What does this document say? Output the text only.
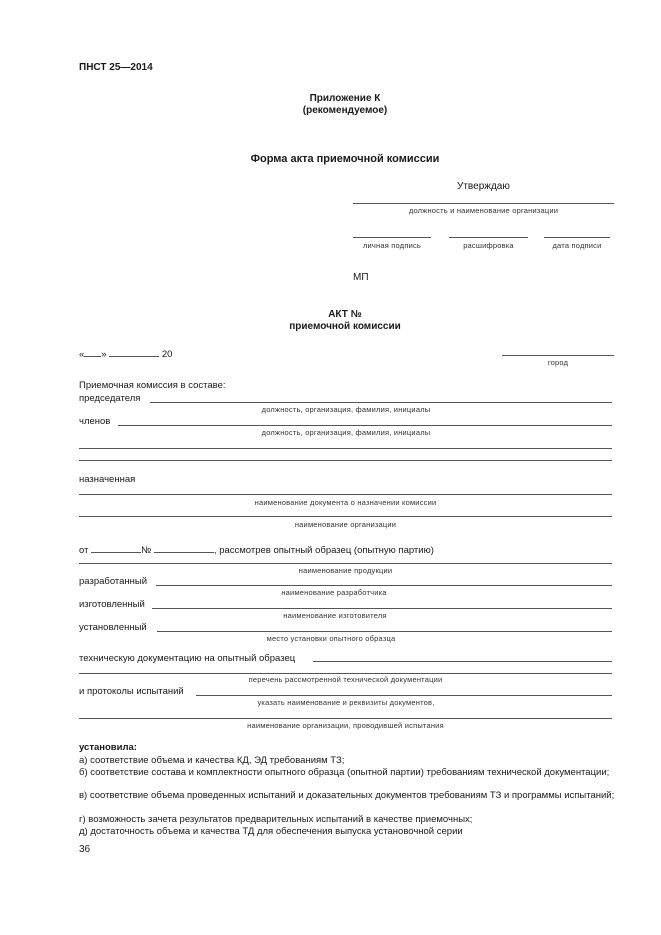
ПНСТ 25—2014
Приложение К
(рекомендуемое)
Форма акта приемочной комиссии
Утверждаю
должность и наименование организации
личная подпись	расшифровка	дата подписи
МП
АКТ №
приемочной комиссии
« »	20
город
Приемочная комиссия в составе:
председателя
должность, организация, фамилия, инициалы
членов
должность, организация, фамилия, инициалы
назначенная
наименование документа о назначении комиссии
наименование организации
от	№	, рассмотрев опытный образец (опытную партию)
наименование продукции
разработанный
наименование разработчика
изготовленный
наименование изготовителя
установленный
место установки опытного образца
техническую документацию на опытный образец
перечень рассмотренной технической документации
и протоколы испытаний
указать наименование и реквизиты документов,
наименование организации, проводившей испытания
установила:
а) соответствие объема и качества КД, ЭД требованиям ТЗ;
б) соответствие состава и комплектности опытного образца (опытной партии) требованиям технической документации;
в) соответствие объема проведенных испытаний и доказательных документов требованиям ТЗ и программы испытаний;
г) возможность зачета результатов предварительных испытаний в качестве приемочных;
д) достаточность объема и качества ТД для обеспечения выпуска установочной серии
36
